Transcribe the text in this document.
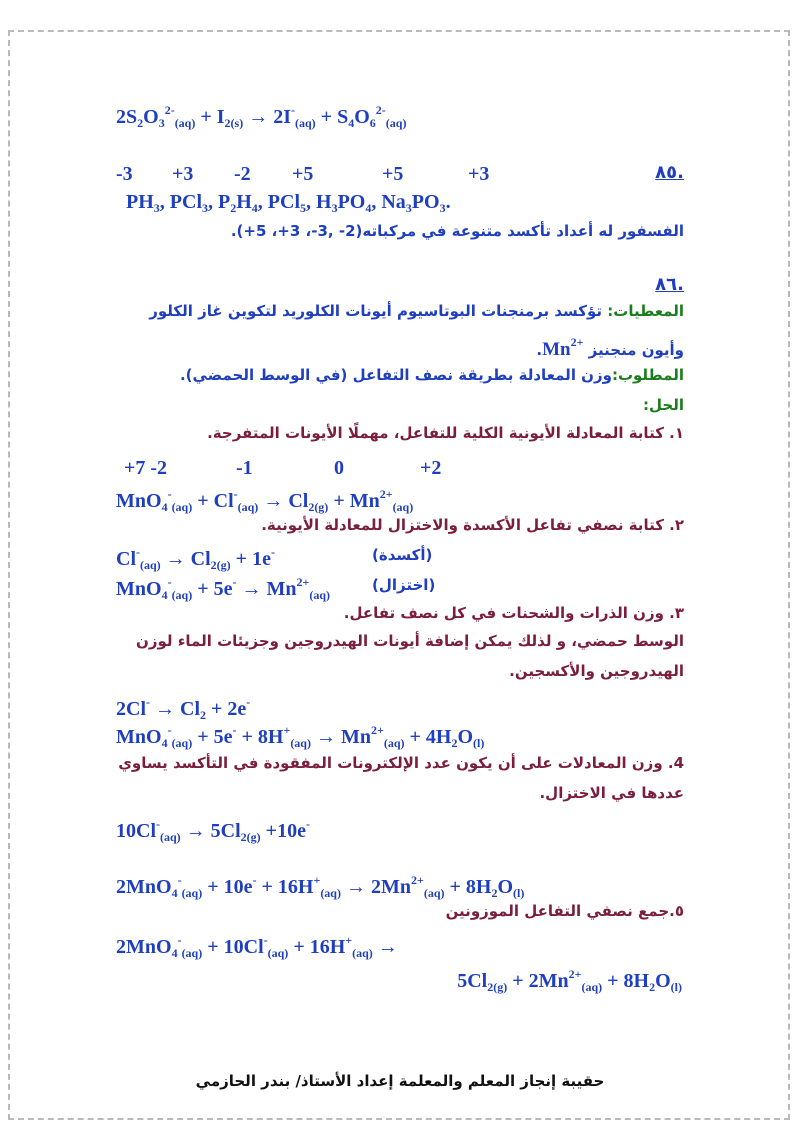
$2S_2O_3^{2-}_{(aq)} + I_{2(s)} \to 2I^-_{(aq)} + S_4O_6^{2-}_{(aq)}$
.٨٥
-3 +3 -2 +5	+5	+3
$PH_3$, PCl$_3$, $P_2H_4$, PCl$_5$, $H_3PO_4$, $Na_3PO_3$.
الفسفور له أعداد تأكسد متنوعة في مركباته(2- ,3-، 3+، 5+).
.٨٦
المعطيات: تؤكسد برمنجنات البوتاسيوم أيونات الكلوريد لتكوين غاز الكلور
وأيون منجنيز $Mn^{2+}$.
المطلوب:وزن المعادلة بطريقة نصف التفاعل (في الوسط الحمضي).
الحل:
١. كتابة المعادلة الأيونية الكلية للتفاعل، مهملًا الأيونات المتفرجة.
+7 -2	-1	0	+2
$MnO_4^-_{(aq)} + Cl^-_{(aq)} \to Cl_{2(g)} + Mn^{2+}_{(aq)}$
٢. كتابة نصفي تفاعل الأكسدة والاختزال للمعادلة الأيونية.
$Cl^-_{(aq)} \to Cl_{2(g)} + 1e^-$	(أكسدة)
$MnO_4^-_{(aq)} + 5e^- \to Mn^{2+}_{(aq)}$
(اختزال)
٣. وزن الذرات والشحنات في كل نصف تفاعل.
الوسط حمضي، و لذلك يمكن إضافة أيونات الهيدروجين وجزيئات الماء لوزن
الهيدروجين والأكسجين.
$2Cl^- \to Cl_2 + 2e^-$
$MnO_4^-_{(aq)} + 5e^- + 8H^+_{(aq)} \to Mn^{2+}_{(aq)} + 4H_2O_{(l)}$
4. وزن المعادلات على أن يكون عدد الإلكترونات المفقودة في التأكسد يساوي
عددها في الاختزال.
$10Cl^-_{(aq)} \to 5Cl_{2(g)} +10e^-$
$2MnO_4^-_{(aq)} + 10e^- + 16H^+_{(aq)} \to 2Mn^{2+}_{(aq)} + 8H_2O_{(l)}$
٥.جمع نصفي التفاعل الموزونين
$2MnO_4^-_{(aq)} + 10Cl^-_{(aq)} + 16H^+_{(aq)}$ →
$5Cl_{2(g)} + 2Mn^{2+}_{(aq)} + 8H_2O_{(l)}$
حقيبة إنجاز المعلم والمعلمة إعداد الأستاذ/ بندر الحازمي
